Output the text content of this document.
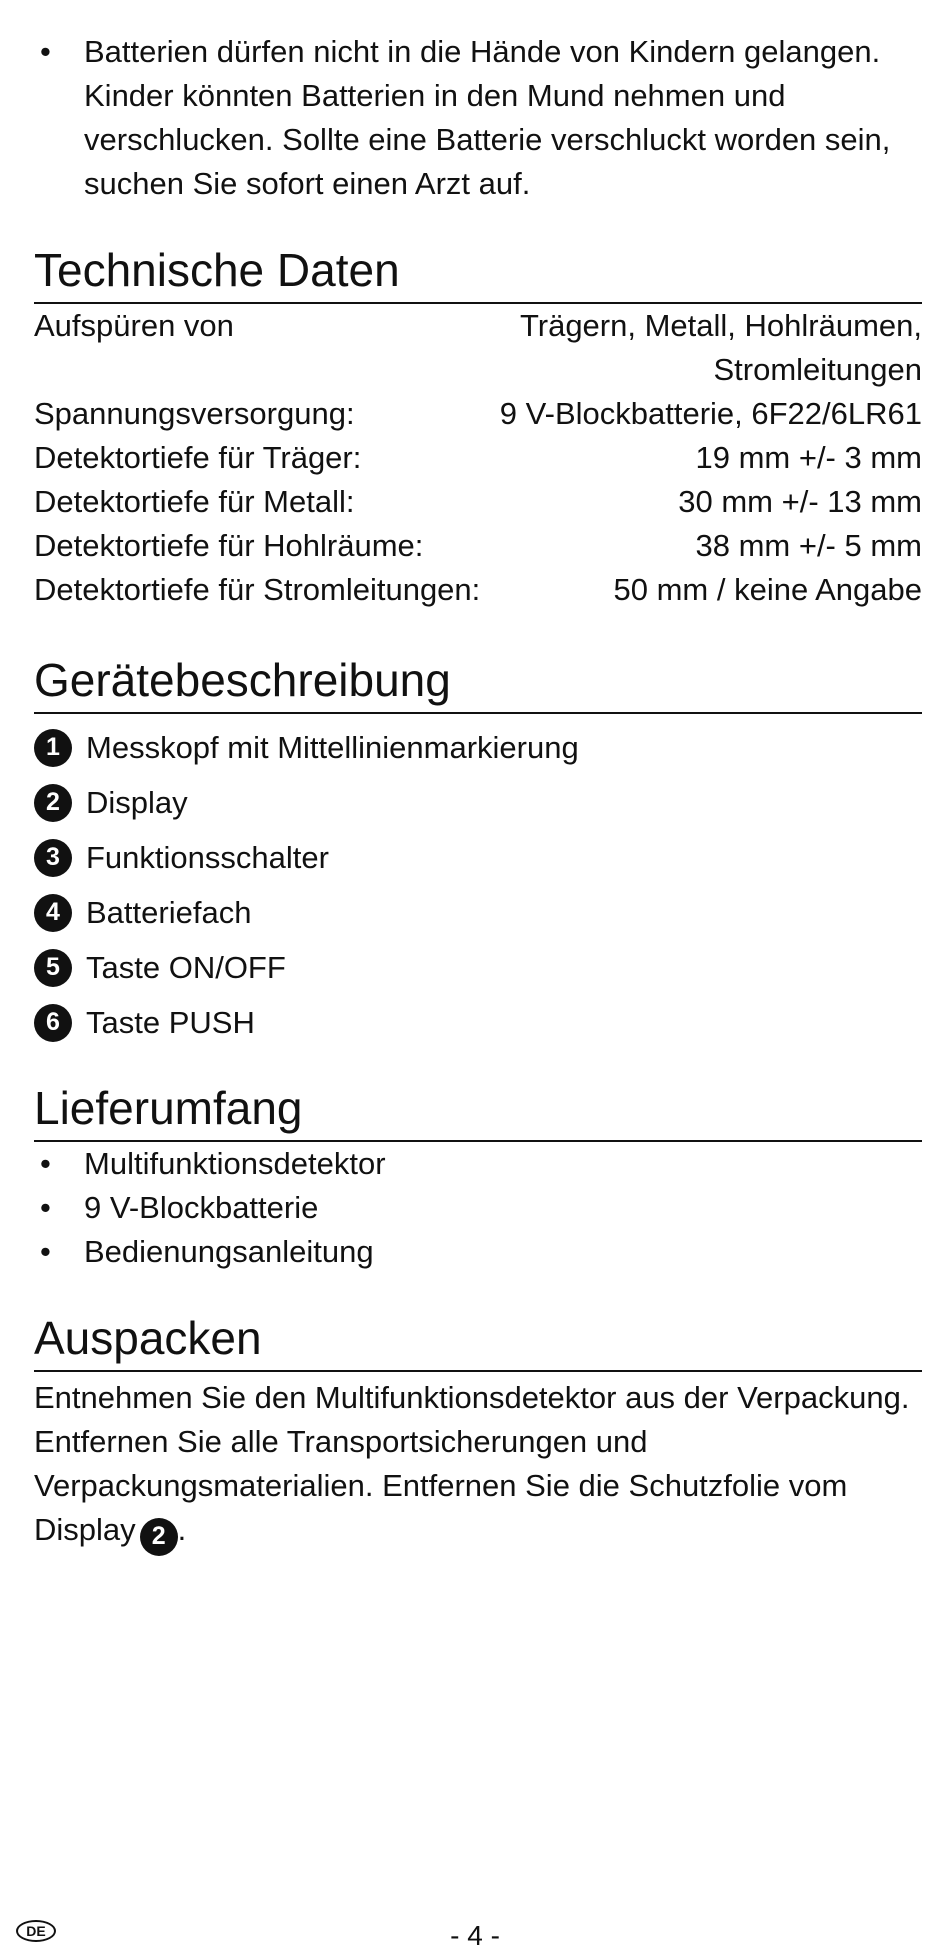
• Batterien dürfen nicht in die Hände von Kindern gelangen. Kinder könnten Batterien in den Mund nehmen und verschlucken. Sollte eine Batterie verschluckt worden sein, suchen Sie sofort einen Arzt auf.
Technische Daten
Aufspüren von	Trägern, Metall, Hohlräumen, Stromleitungen
Spannungsversorgung:	9 V-Blockbatterie, 6F22/6LR61
Detektortiefe für Träger:	19 mm +/- 3 mm
Detektortiefe für Metall:	30 mm +/- 13 mm
Detektortiefe für Hohlräume:	38 mm +/- 5 mm
Detektortiefe für Stromleitungen:	50 mm / keine Angabe
Gerätebeschreibung
1 Messkopf mit Mittellinienmarkierung
2 Display
3 Funktionsschalter
4 Batteriefach
5 Taste ON/OFF
6 Taste PUSH
Lieferumfang
• Multifunktionsdetektor
• 9 V-Blockbatterie
• Bedienungsanleitung
Auspacken

Entnehmen Sie den Multifunktionsdetektor aus der Verpackung. Entfernen Sie alle Transportsicherungen und Verpackungsmaterialien. Entfernen Sie die Schutzfolie vom Display 2 .

DE	- 4 -
